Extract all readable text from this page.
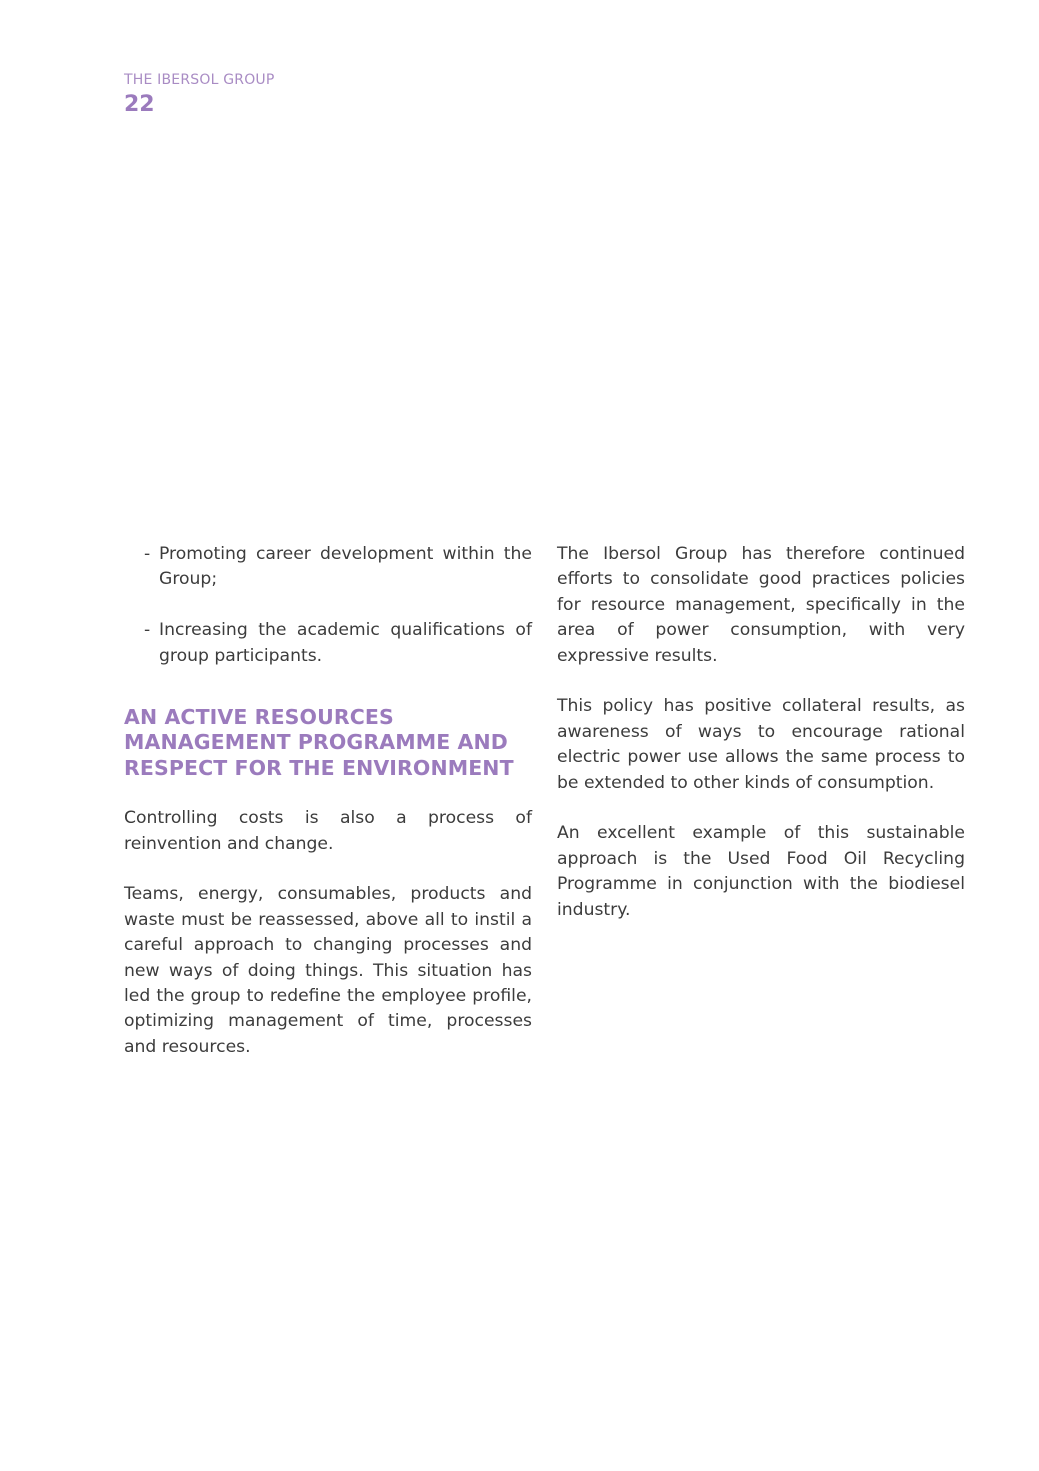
THE IBERSOL GROUP
22
- Promoting career development within the Group;
- Increasing the academic qualifications of group participants.
AN ACTIVE RESOURCES
MANAGEMENT PROGRAMME AND
RESPECT FOR THE ENVIRONMENT

Controlling costs is also a process of reinvention and change.

Teams, energy, consumables, products and waste must be reassessed, above all to instil a careful approach to changing processes and new ways of doing things. This situation has led the group to redefine the employee profile, optimizing management of time, processes and resources.

The Ibersol Group has therefore continued efforts to consolidate good practices policies for resource management, specifically in the area of power consumption, with very expressive results.

This policy has positive collateral results, as awareness of ways to encourage rational electric power use allows the same process to be extended to other kinds of consumption.

An excellent example of this sustainable approach is the Used Food Oil Recycling Programme in conjunction with the biodiesel industry.
